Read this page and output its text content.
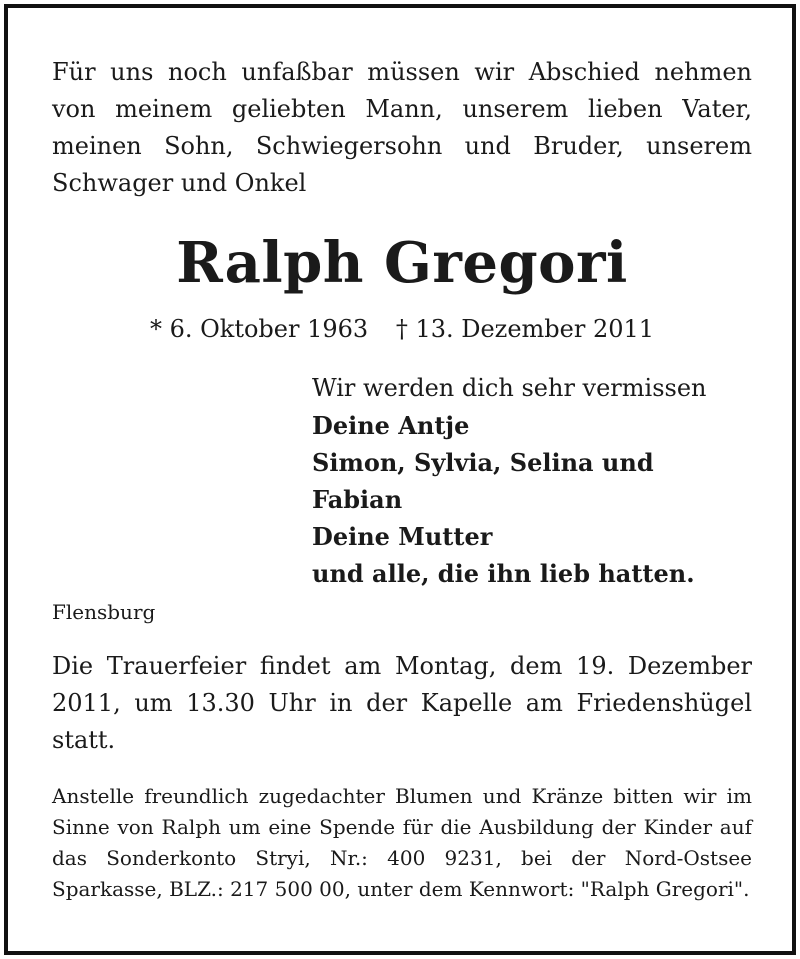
Für uns noch unfaßbar müssen wir Abschied nehmen von meinem geliebten Mann, unserem lieben Vater, meinen Sohn, Schwiegersohn und Bruder, unserem Schwager und Onkel

Ralph Gregori
* 6. Oktober 1963 † 13. Dezember 2011
Wir werden dich sehr vermissen
Deine Antje
Simon, Sylvia, Selina und Fabian
Deine Mutter
und alle, die ihn lieb hatten.
Flensburg

Die Trauerfeier findet am Montag, dem 19. Dezember 2011, um 13.30 Uhr in der Kapelle am Friedenshügel statt.

Anstelle freundlich zugedachter Blumen und Kränze bitten wir im Sinne von Ralph um eine Spende für die Ausbildung der Kinder auf das Sonderkonto Stryi, Nr.: 400 9231, bei der Nord-Ostsee Sparkasse, BLZ.: 217 500 00, unter dem Kennwort: "Ralph Gregori".
